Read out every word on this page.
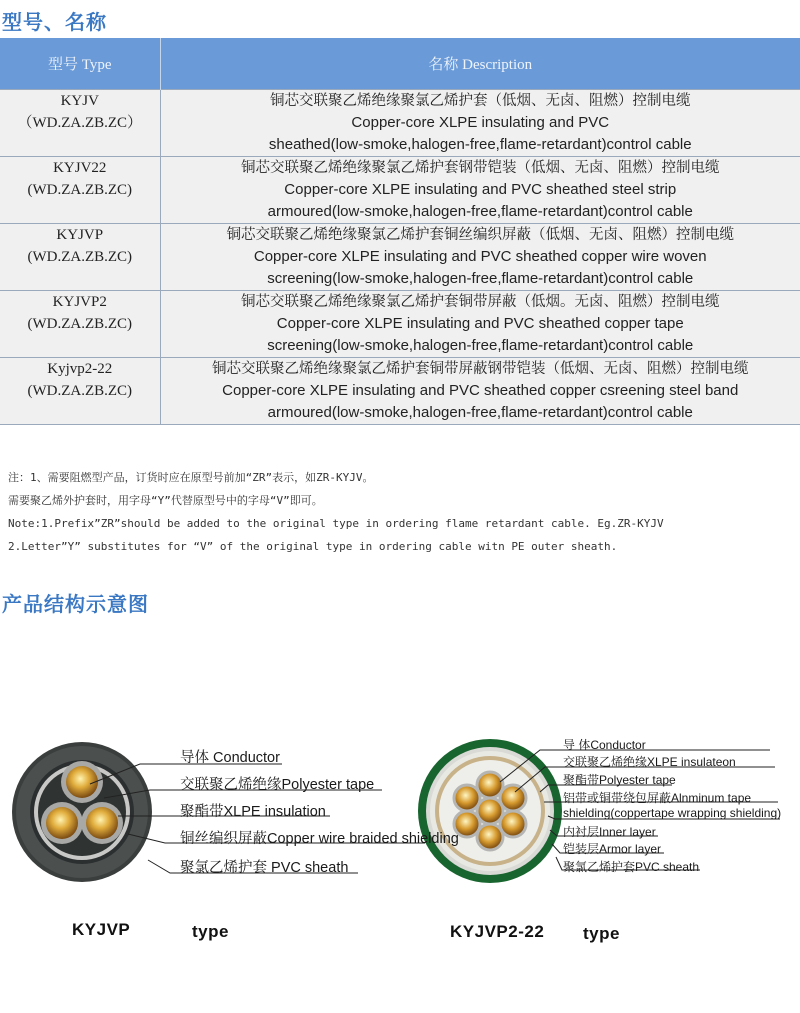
型号、名称
型号 Type	名称 Description

KYJV
（WD.ZA.ZB.ZC）	铜芯交联聚乙烯绝缘聚氯乙烯护套（低烟、无卤、阻燃）控制电缆
Copper-core XLPE insulating and PVC
sheathed(low-smoke,halogen-free,flame-retardant)control cable

KYJV22
(WD.ZA.ZB.ZC)	铜芯交联聚乙烯绝缘聚氯乙烯护套钢带铠装（低烟、无卤、阻燃）控制电缆
Copper-core XLPE insulating and PVC sheathed steel strip
armoured(low-smoke,halogen-free,flame-retardant)control cable

KYJVP
(WD.ZA.ZB.ZC)	铜芯交联聚乙烯绝缘聚氯乙烯护套铜丝编织屏蔽（低烟、无卤、阻燃）控制电缆
Copper-core XLPE insulating and PVC sheathed copper wire woven
screening(low-smoke,halogen-free,flame-retardant)control cable

KYJVP2
(WD.ZA.ZB.ZC)	铜芯交联聚乙烯绝缘聚氯乙烯护套铜带屏蔽（低烟。无卤、阻燃）控制电缆
Copper-core XLPE insulating and PVC sheathed copper tape
screening(low-smoke,halogen-free,flame-retardant)control cable

Kyjvp2-22
(WD.ZA.ZB.ZC)	铜芯交联聚乙烯绝缘聚氯乙烯护套铜带屏蔽钢带铠装（低烟、无卤、阻燃）控制电缆
Copper-core XLPE insulating and PVC sheathed copper csreening steel band
armoured(low-smoke,halogen-free,flame-retardant)control cable
注：1、需要阻燃型产品，订货时应在原型号前加“ZR”表示，如ZR-KYJV。
需要聚乙烯外护套时，用字母“Y”代替原型号中的字母“V”即可。
Note:1.Prefix”ZR”should be added to the original type in ordering flame retardant cable. Eg.ZR-KYJV
2.Letter”Y” substitutes for “V” of the original type in ordering cable witn PE outer sheath.
产品结构示意图
导体 Conductor
交联聚乙烯绝缘Polyester tape
聚酯带XLPE insulation
铜丝编织屏蔽Copper wire braided shielding
聚氯乙烯护套 PVC sheath
导 体Conductor
交联聚乙烯绝缘XLPE insulateon
聚酯带Polyester tape
铝带或铜带绕包屏蔽Alnminum tape
shielding(coppertape wrapping shielding)
内衬层Inner layer
铠装层Armor layer
聚氯乙烯护套PVC sheath
KYJVP	type	KYJVP2-22 type
